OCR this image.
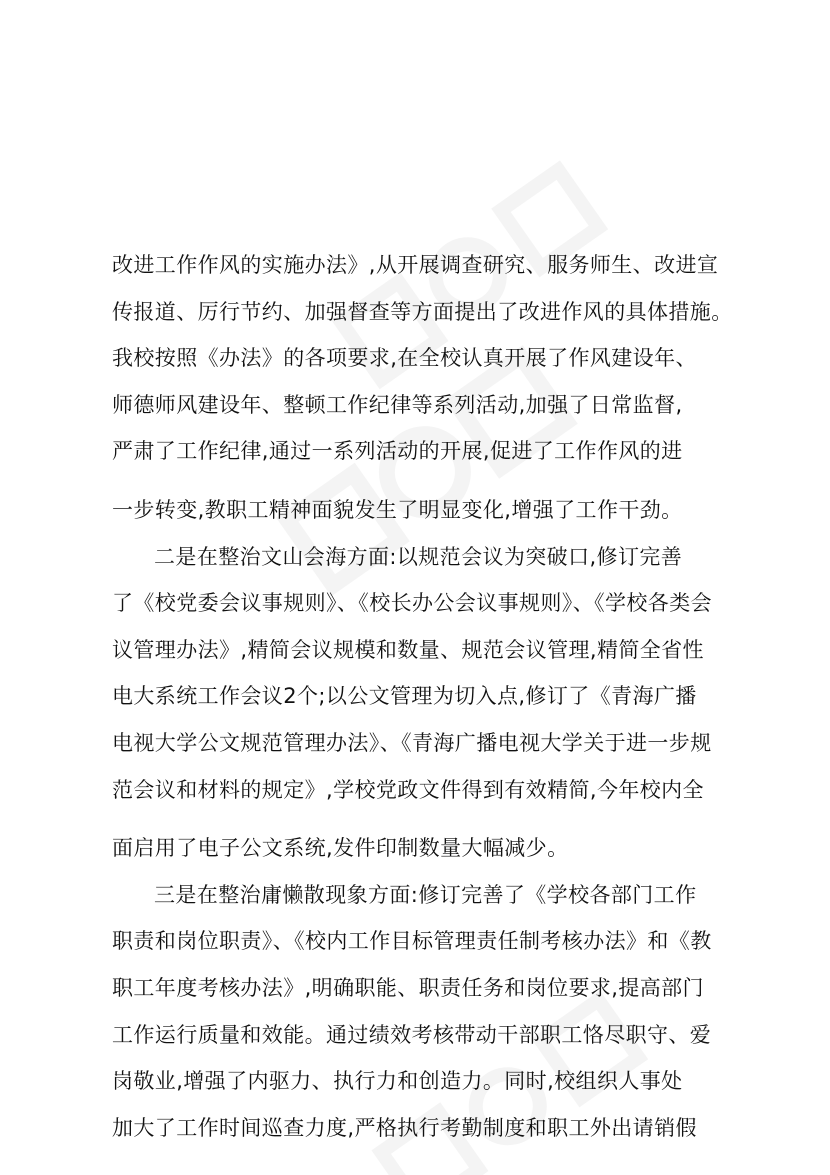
改进工作作风的实施办法》,从开展调查研究、服务师生、改进宣
传报道、厉行节约、加强督查等方面提出了改进作风的具体措施。
我校按照《办法》的各项要求,在全校认真开展了作风建设年、
师德师风建设年、整顿工作纪律等系列活动,加强了日常监督,
严肃了工作纪律,通过一系列活动的开展,促进了工作作风的进
一步转变,教职工精神面貌发生了明显变化,增强了工作干劲。
二是在整治文山会海方面:以规范会议为突破口,修订完善
了《校党委会议事规则》、《校长办公会议事规则》、《学校各类会
议管理办法》,精简会议规模和数量、规范会议管理,精简全省性
电大系统工作会议2个;以公文管理为切入点,修订了《青海广播
电视大学公文规范管理办法》、《青海广播电视大学关于进一步规
范会议和材料的规定》,学校党政文件得到有效精简,今年校内全
面启用了电子公文系统,发件印制数量大幅减少。
三是在整治庸懒散现象方面:修订完善了《学校各部门工作
职责和岗位职责》、《校内工作目标管理责任制考核办法》和《教
职工年度考核办法》,明确职能、职责任务和岗位要求,提高部门
工作运行质量和效能。通过绩效考核带动干部职工恪尽职守、爱
岗敬业,增强了内驱力、执行力和创造力。同时,校组织人事处
加大了工作时间巡查力度,严格执行考勤制度和职工外出请销假
